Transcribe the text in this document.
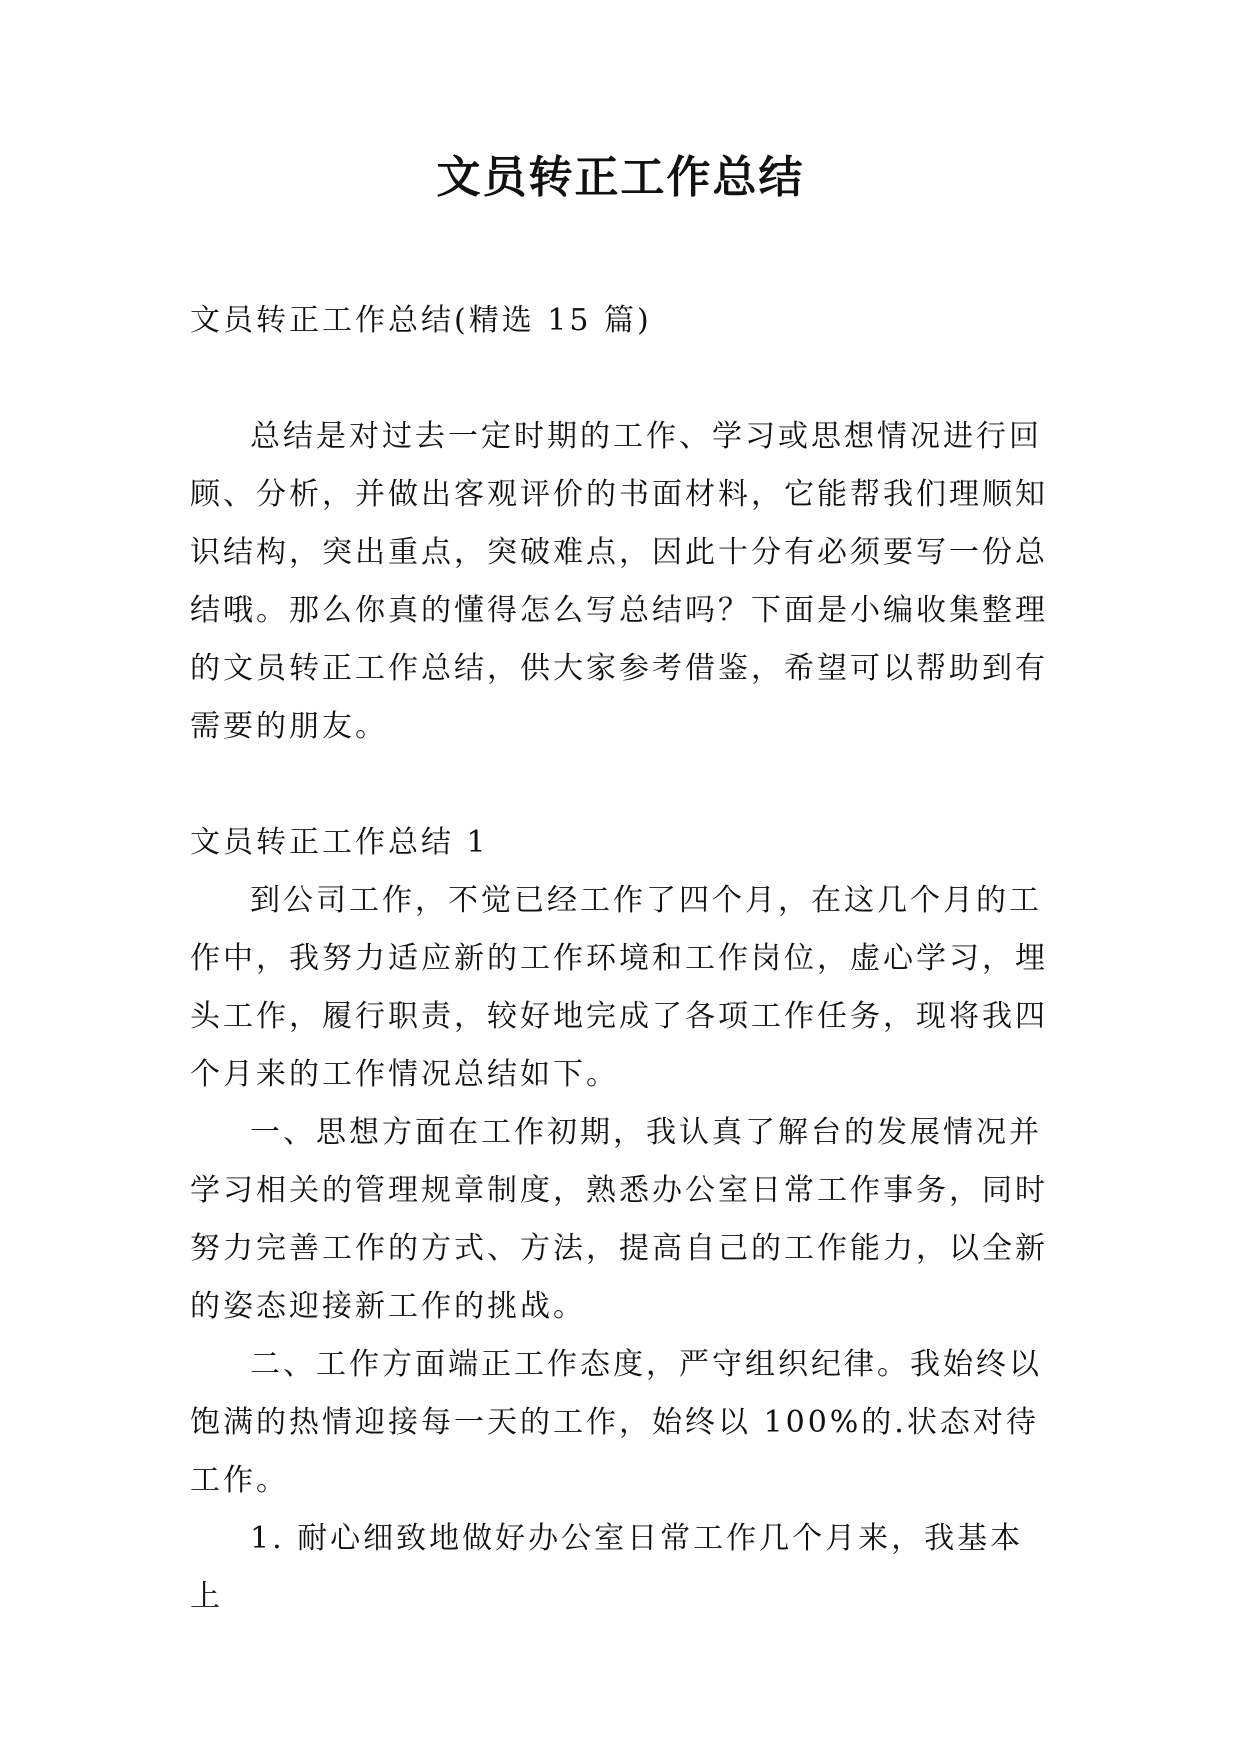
文员转正工作总结

文员转正工作总结(精选 15 篇)

总结是对过去一定时期的工作、学习或思想情况进行回顾、分析，并做出客观评价的书面材料，它能帮我们理顺知识结构，突出重点，突破难点，因此十分有必须要写一份总结哦。那么你真的懂得怎么写总结吗？下面是小编收集整理的文员转正工作总结，供大家参考借鉴，希望可以帮助到有需要的朋友。

文员转正工作总结 1

到公司工作，不觉已经工作了四个月，在这几个月的工作中，我努力适应新的工作环境和工作岗位，虚心学习，埋头工作，履行职责，较好地完成了各项工作任务，现将我四个月来的工作情况总结如下。

一、思想方面在工作初期，我认真了解台的发展情况并学习相关的管理规章制度，熟悉办公室日常工作事务，同时努力完善工作的方式、方法，提高自己的工作能力，以全新的姿态迎接新工作的挑战。

二、工作方面端正工作态度，严守组织纪律。我始终以饱满的热情迎接每一天的工作，始终以 100%的.状态对待工作。

1. 耐心细致地做好办公室日常工作几个月来，我基本上
